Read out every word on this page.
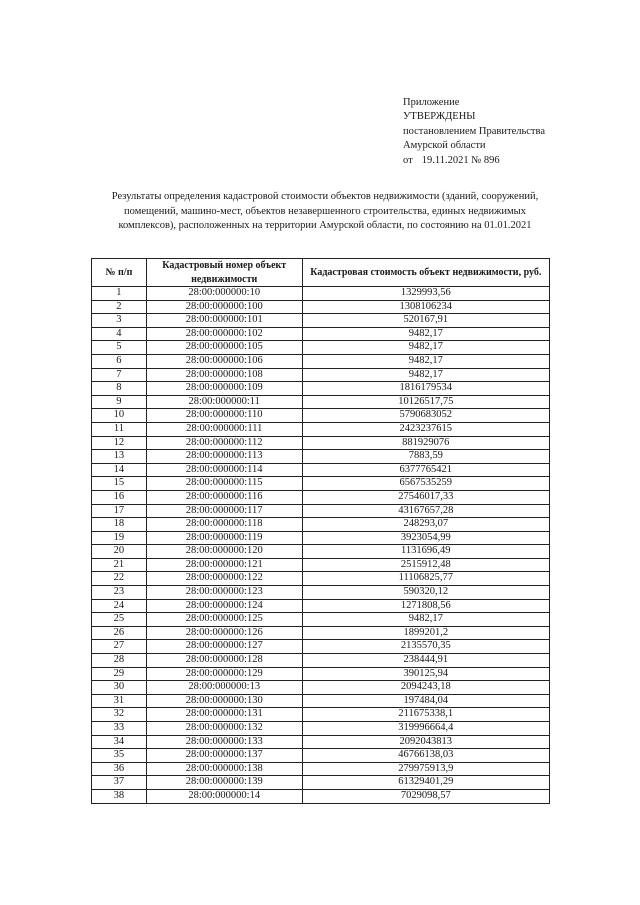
Приложение
УТВЕРЖДЕНЫ
постановлением Правительства
Амурской области
от 19.11.2021 № 896
Результаты определения кадастровой стоимости объектов недвижимости (зданий, сооружений,
помещений, машино-мест, объектов незавершенного строительства, единых недвижимых
комплексов), расположенных на территории Амурской области, по состоянию на 01.01.2021
№ п/п	Кадастровый номер объект недвижимости	Кадастровая стоимость объект недвижимости, руб.
1	28:00:000000:10	1329993,56
2	28:00:000000:100	1308106234
3	28:00:000000:101	520167,91
4	28:00:000000:102	9482,17
5	28:00:000000:105	9482,17
6	28:00:000000:106	9482,17
7	28:00:000000:108	9482,17
8	28:00:000000:109	1816179534
9	28:00:000000:11	10126517,75
10	28:00:000000:110	5790683052
11	28:00:000000:111	2423237615
12	28:00:000000:112	881929076
13	28:00:000000:113	7883,59
14	28:00:000000:114	6377765421
15	28:00:000000:115	6567535259
16	28:00:000000:116	27546017,33
17	28:00:000000:117	43167657,28
18	28:00:000000:118	248293,07
19	28:00:000000:119	3923054,99
20	28:00:000000:120	1131696,49
21	28:00:000000:121	2515912,48
22	28:00:000000:122	11106825,77
23	28:00:000000:123	590320,12
24	28:00:000000:124	1271808,56
25	28:00:000000:125	9482,17
26	28:00:000000:126	1899201,2
27	28:00:000000:127	2135570,35
28	28:00:000000:128	238444,91
29	28:00:000000:129	390125,94
30	28:00:000000:13	2094243,18
31	28:00:000000:130	197484,04
32	28:00:000000:131	211675338,1
33	28:00:000000:132	319996664,4
34	28:00:000000:133	2092043813
35	28:00:000000:137	46766138,03
36	28:00:000000:138	279975913,9
37	28:00:000000:139	61329401,29
38	28:00:000000:14	7029098,57
